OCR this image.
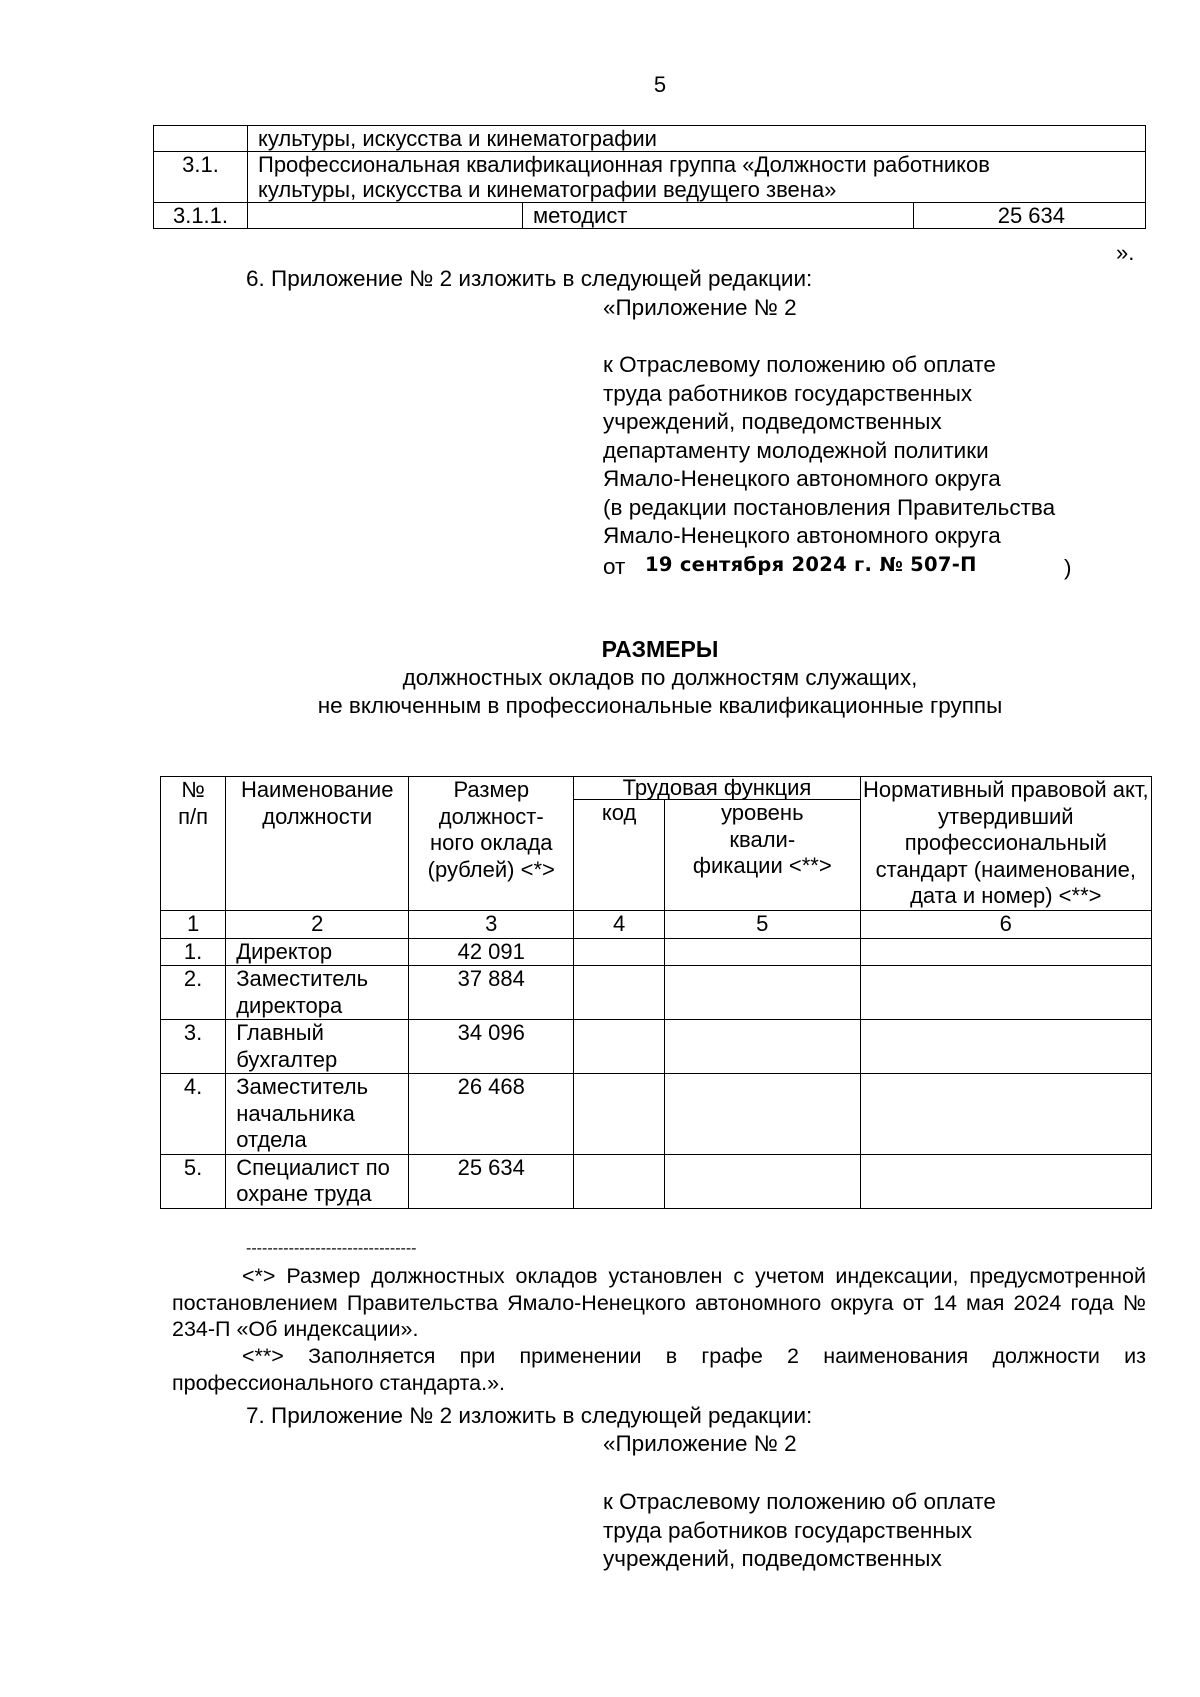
5
	культуры, искусства и кинематографии		
3.1.	Профессиональная квалификационная группа «Должности работников
культуры, искусства и кинематографии ведущего звена»		

3.1.1.		методист	25 634
».
6. Приложение № 2 изложить в следующей редакции:
«Приложение № 2
к Отраслевому положению об оплате
труда работников государственных
учреждений, подведомственных
департаменту молодежной политики
Ямало-Ненецкого автономного округа
(в редакции постановления Правительства
Ямало-Ненецкого автономного округа
от 19 сентября 2024 г. № 507-П	)
РАЗМЕРЫ
должностных окладов по должностям служащих,
не включенным в профессиональные квалификационные группы
№ п/п	Наименование должности	Размер должност- ного оклада (рублей) <*>	Трудовая функция		Нормативный правовой акт, утвердивший профессиональный стандарт (наименование, дата и номер) <**>
			код	уровень квали- фикации <**>	
1	2	3	4	5	6
1.	Директор	42 091			
2.	Заместитель директора	37 884			
3.	Главный бухгалтер	34 096			
4.	Заместитель начальника отдела	26 468			
5.	Специалист по охране труда	25 634			
--------------------------------
<*> Размер должностных окладов установлен с учетом индексации, предусмотренной постановлением Правительства Ямало-Ненецкого автономного округа от 14 мая 2024 года № 234-П «Об индексации».
<**> Заполняется при применении в графе 2 наименования должности из профессионального стандарта.».
7. Приложение № 2 изложить в следующей редакции:
«Приложение № 2
к Отраслевому положению об оплате
труда работников государственных
учреждений, подведомственных
